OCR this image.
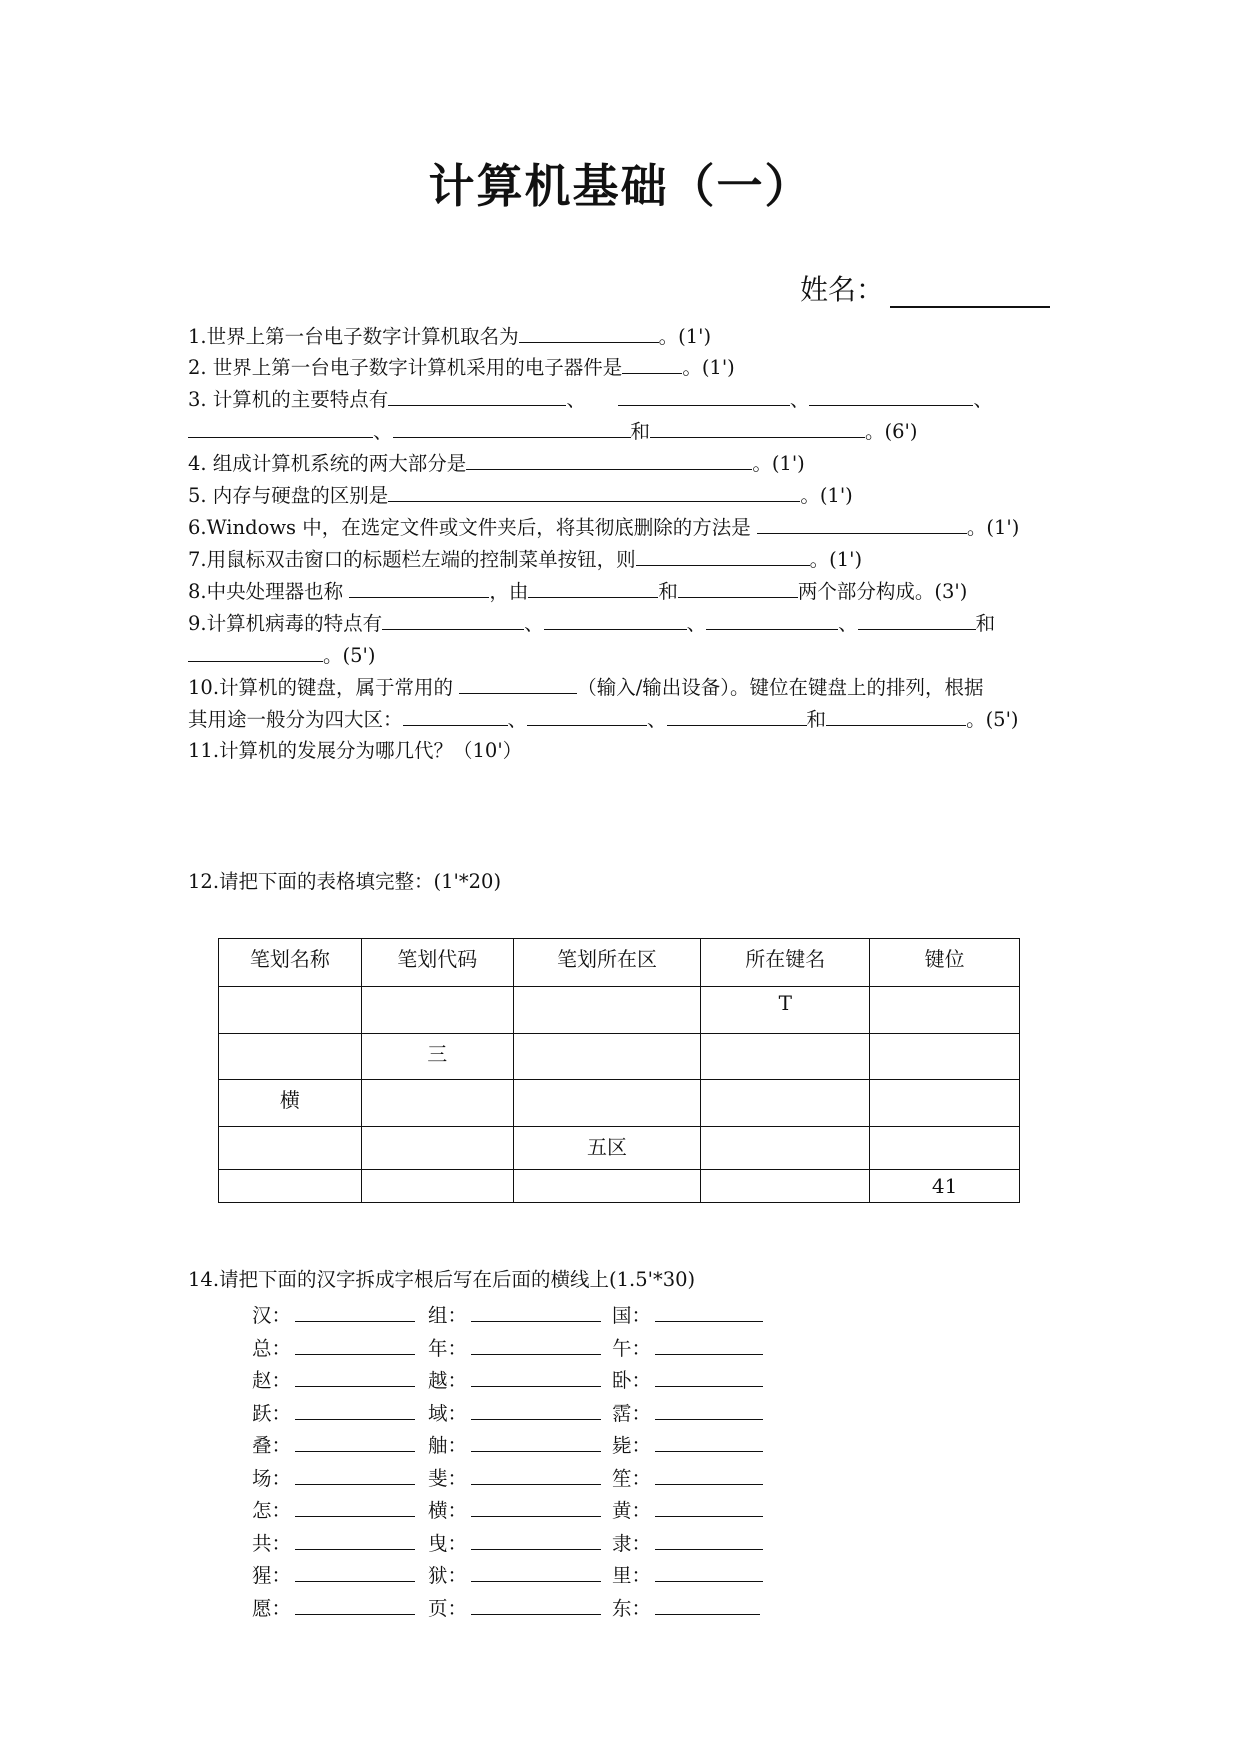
计算机基础（一）
姓名：
1.世界上第一台电子数字计算机取名为	。(1')
2. 世界上第一台电子数字计算机采用的电子器件是	。(1')
3. 计算机的主要特点有	、	、	、
、	和	。(6')
4. 组成计算机系统的两大部分是	。(1')
5. 内存与硬盘的区别是	。(1')
6.Windows 中，在选定文件或文件夹后，将其彻底删除的方法是	。(1')
7.用鼠标双击窗口的标题栏左端的控制菜单按钮，则	。(1')
8.中央处理器也称	，由	和	两个部分构成。(3')
9.计算机病毒的特点有	、	、	、	和
。(5')
10.计算机的键盘，属于常用的	（输入/输出设备）。键位在键盘上的排列，根据
其用途一般分为四大区：	、	、	和	。(5')
11.计算机的发展分为哪几代？（10'）
12.请把下面的表格填完整：(1'*20)
笔划名称	笔划代码	笔划所在区	所在键名	键位
			T	
	三			
横				
		五区		
				41
14.请把下面的汉字拆成字根后写在后面的横线上(1.5'*30)
汉：	组：	国：
总：	年：	午：
赵：	越：	卧：
跃：	域：	霑：
叠：	舳：	毙：
场：	斐：	笙：
怎：	横：	黄：
共：	曳：	隶：
猩：	狱：	里：
愿：	页：	东：
